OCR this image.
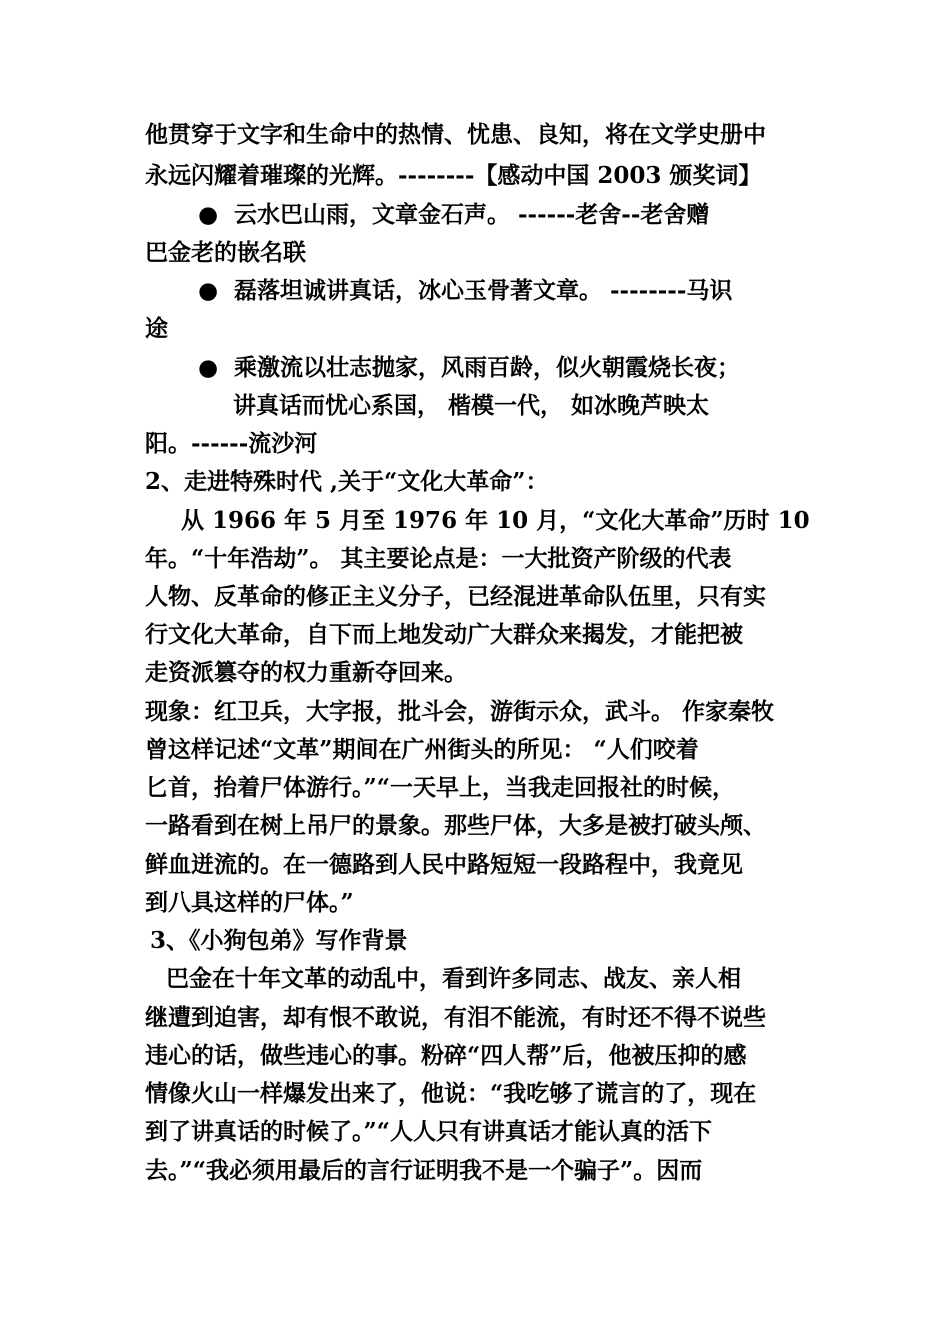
他贯穿于文字和生命中的热情、忧患、良知，将在文学史册中
永远闪耀着璀璨的光辉。--------【感动中国 2003 颁奖词】
● 云水巴山雨，文章金石声。 ------老舍--老舍赠
巴金老的嵌名联
● 磊落坦诚讲真话，冰心玉骨著文章。 --------马识
途
● 乘激流以壮志抛家，风雨百龄，似火朝霞烧长夜；
讲真话而忧心系国， 楷模一代， 如冰晚芦映太
阳。------流沙河
2、走进特殊时代 ,关于“文化大革命”：
从 1966 年 5 月至 1976 年 10 月，“文化大革命”历时 10
年。“十年浩劫”。 其主要论点是：一大批资产阶级的代表
人物、反革命的修正主义分子，已经混进革命队伍里，只有实
行文化大革命，自下而上地发动广大群众来揭发，才能把被
走资派篡夺的权力重新夺回来。
现象：红卫兵，大字报，批斗会，游街示众，武斗。 作家秦牧
曾这样记述“文革”期间在广州街头的所见： “人们咬着
匕首，抬着尸体游行。”“一天早上，当我走回报社的时候，
一路看到在树上吊尸的景象。那些尸体，大多是被打破头颅、
鲜血迸流的。在一德路到人民中路短短一段路程中，我竟见
到八具这样的尸体。”
3、《小狗包弟》写作背景
巴金在十年文革的动乱中，看到许多同志、战友、亲人相
继遭到迫害，却有恨不敢说，有泪不能流，有时还不得不说些
违心的话，做些违心的事。粉碎“四人帮”后，他被压抑的感
情像火山一样爆发出来了，他说：“我吃够了谎言的了，现在
到了讲真话的时候了。”“人人只有讲真话才能认真的活下
去。”“我必须用最后的言行证明我不是一个骗子”。因而
